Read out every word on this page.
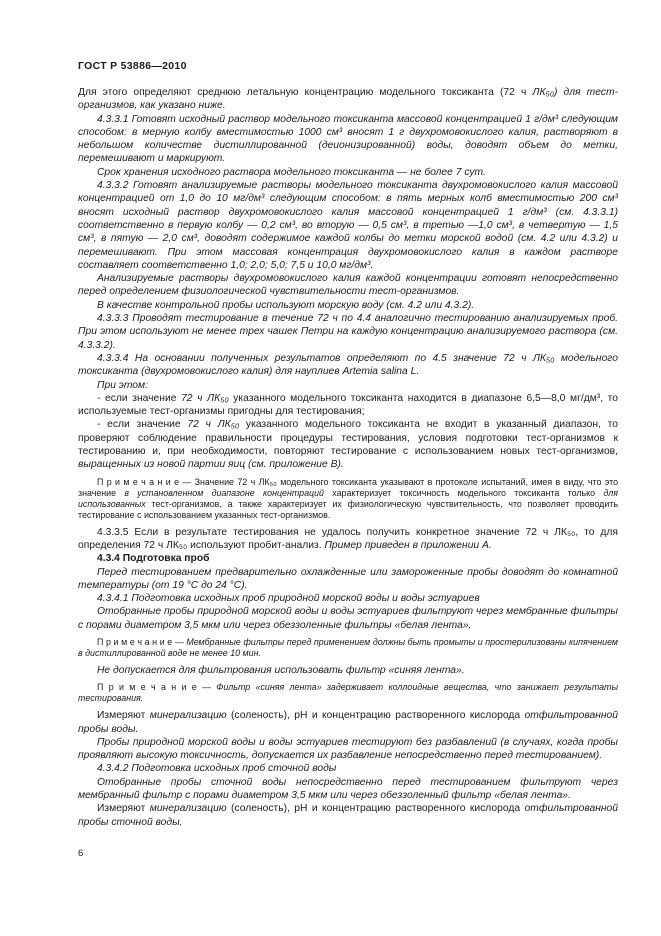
ГОСТ Р 53886—2010

Для этого определяют среднюю летальную концентрацию модельного токсиканта (72 ч ЛК₅₀) для тест-организмов, как указано ниже.

4.3.3.1 Готовят исходный раствор модельного токсиканта массовой концентрацией 1 г/дм³ следующим способом: в мерную колбу вместимостью 1000 см³ вносят 1 г двухромовокислого калия, растворяют в небольшом количестве дистиллированной (деионизированной) воды, доводят объем до метки, перемешивают и маркируют.

Срок хранения исходного раствора модельного токсиканта — не более 7 сут.

4.3.3.2 Готовят анализируемые растворы модельного токсиканта двухромовокислого калия массовой концентрацией от 1,0 до 10 мг/дм³ следующим способом: в пять мерных колб вместимостью 200 см³ вносят исходный раствор двухромовокислого калия массовой концентрацией 1 г/дм³ (см. 4.3.3.1) соответственно в первую колбу — 0,2 см³, во вторую — 0,5 см³, в третью —1,0 см³, в четвертую — 1,5 см³, в пятую — 2,0 см³, доводят содержимое каждой колбы до метки морской водой (см. 4.2 или 4.3.2) и перемешивают. При этом массовая концентрация двухромовокислого калия в каждом растворе составляет соответственно 1,0; 2,0; 5,0; 7,5 и 10,0 мг/дм³.

Анализируемые растворы двухромовокислого калия каждой концентрации готовят непосредственно перед определением физиологической чувствительности тест-организмов.

В качестве контрольной пробы используют морскую воду (см. 4.2 или 4.3.2).

4.3.3.3 Проводят тестирование в течение 72 ч по 4.4 аналогично тестированию анализируемых проб. При этом используют не менее трех чашек Петри на каждую концентрацию анализируемого раствора (см. 4.3.3.2).

4.3.3.4 На основании полученных результатов определяют по 4.5 значение 72 ч ЛК₅₀ модельного токсиканта (двухромовокислого калия) для науплиев Artemia salina L.

При этом:

- если значение 72 ч ЛК₅₀ указанного модельного токсиканта находится в диапазоне 6,5—8,0 мг/дм³, то используемые тест-организмы пригодны для тестирования;

- если значение 72 ч ЛК₅₀ указанного модельного токсиканта не входит в указанный диапазон, то проверяют соблюдение правильности процедуры тестирования, условия подготовки тест-организмов к тестированию и, при необходимости, повторяют тестирование с использованием новых тест-организмов, выращенных из новой партии яиц (см. приложение В).

П р и м е ч а н и е — Значение 72 ч ЛК₅₀ модельного токсиканта указывают в протоколе испытаний, имея в виду, что это значение в установленном диапазоне концентраций характеризует токсичность модельного токсиканта только для использованных тест-организмов, а также характеризует их физиологическую чувствительность, что позволяет проводить тестирование с использованием указанных тест-организмов.

4.3.3.5 Если в результате тестирования не удалось получить конкретное значение 72 ч ЛК₅₀, то для определения 72 ч ЛК₅₀ используют пробит-анализ. Пример приведен в приложении А.

4.3.4 Подготовка проб

Перед тестированием предварительно охлажденные или замороженные пробы доводят до комнатной температуры (от 19 °С до 24 °С).

4.3.4.1 Подготовка исходных проб природной морской воды и воды эстуариев

Отобранные пробы природной морской воды и воды эстуариев фильтруют через мембранные фильтры с порами диаметром 3,5 мкм или через обеззоленные фильтры «белая лента».

П р и м е ч а н и е — Мембранные фильтры перед применением должны быть промыты и простерилизованы кипячением в дистиллированной воде не менее 10 мин.

Не допускается для фильтрования использовать фильтр «синяя лента».

П р и м е ч а н и е — Фильтр «синяя лента» задерживает коллоидные вещества, что занижает результаты тестирования.

Измеряют минерализацию (соленость), pH и концентрацию растворенного кислорода отфильтрованной пробы воды.

Пробы природной морской воды и воды эстуариев тестируют без разбавлений (в случаях, когда пробы проявляют высокую токсичность, допускается их разбавление непосредственно перед тестированием).

4.3.4.2 Подготовка исходных проб сточной воды

Отобранные пробы сточной воды непосредственно перед тестированием фильтруют через мембранный фильтр с порами диаметром 3,5 мкм или через обеззоленный фильтр «белая лента».

Измеряют минерализацию (соленость), pH и концентрацию растворенного кислорода отфильтрованной пробы сточной воды.

6
